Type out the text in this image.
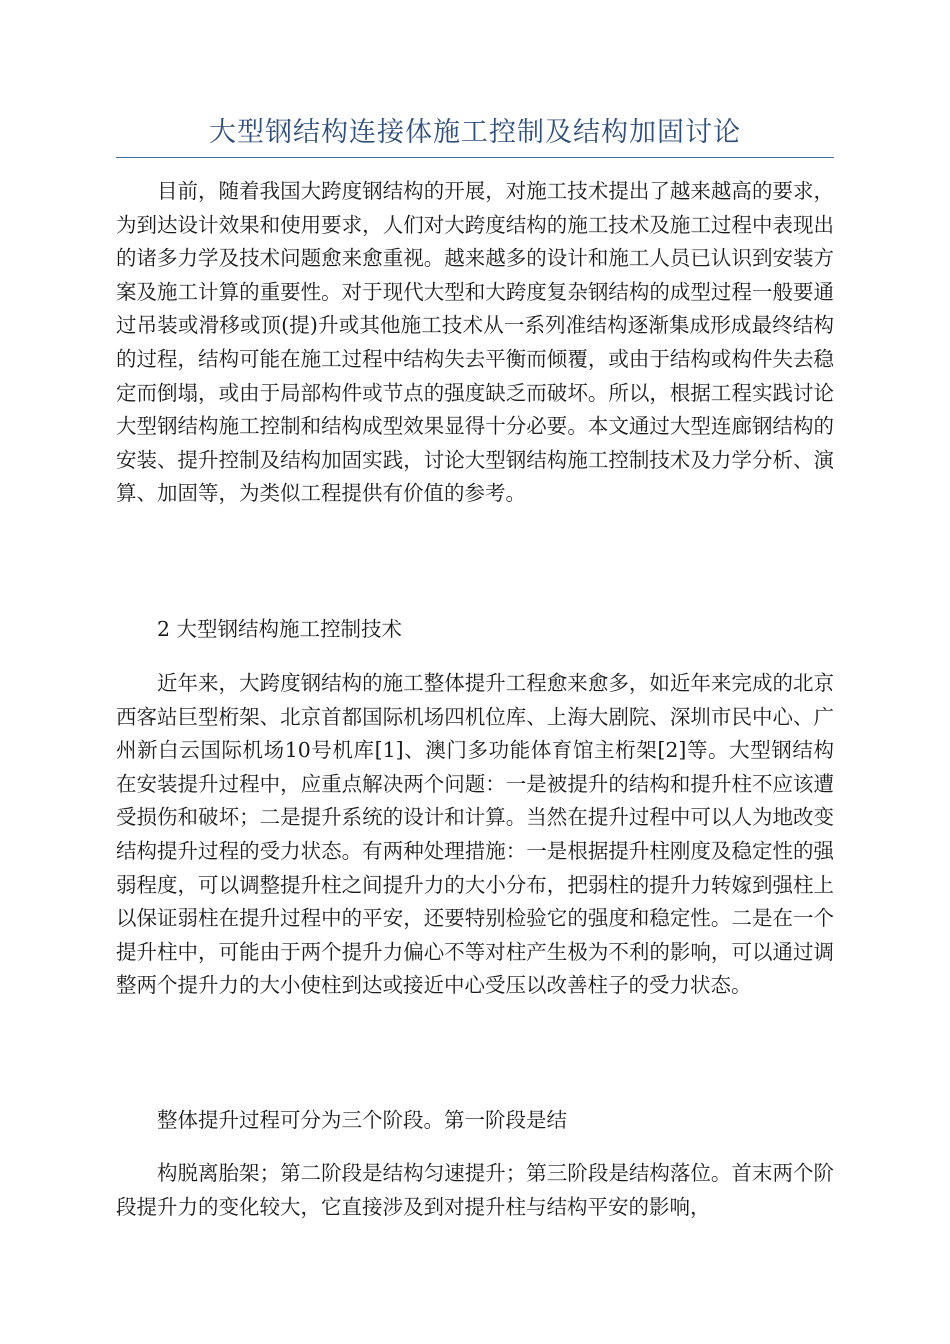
大型钢结构连接体施工控制及结构加固讨论

目前，随着我国大跨度钢结构的开展，对施工技术提出了越来越高的要求，为到达设计效果和使用要求，人们对大跨度结构的施工技术及施工过程中表现出的诸多力学及技术问题愈来愈重视。越来越多的设计和施工人员已认识到安装方案及施工计算的重要性。对于现代大型和大跨度复杂钢结构的成型过程一般要通过吊装或滑移或顶(提)升或其他施工技术从一系列准结构逐渐集成形成最终结构的过程，结构可能在施工过程中结构失去平衡而倾覆，或由于结构或构件失去稳定而倒塌，或由于局部构件或节点的强度缺乏而破坏。所以，根据工程实践讨论大型钢结构施工控制和结构成型效果显得十分必要。本文通过大型连廊钢结构的安装、提升控制及结构加固实践，讨论大型钢结构施工控制技术及力学分析、演算、加固等，为类似工程提供有价值的参考。

2 大型钢结构施工控制技术

近年来，大跨度钢结构的施工整体提升工程愈来愈多，如近年来完成的北京西客站巨型桁架、北京首都国际机场四机位库、上海大剧院、深圳市民中心、广州新白云国际机场10号机库[1]、澳门多功能体育馆主桁架[2]等。大型钢结构在安装提升过程中，应重点解决两个问题：一是被提升的结构和提升柱不应该遭受损伤和破坏；二是提升系统的设计和计算。当然在提升过程中可以人为地改变结构提升过程的受力状态。有两种处理措施：一是根据提升柱刚度及稳定性的强弱程度，可以调整提升柱之间提升力的大小分布，把弱柱的提升力转嫁到强柱上以保证弱柱在提升过程中的平安，还要特别检验它的强度和稳定性。二是在一个提升柱中，可能由于两个提升力偏心不等对柱产生极为不利的影响，可以通过调整两个提升力的大小使柱到达或接近中心受压以改善柱子的受力状态。

整体提升过程可分为三个阶段。第一阶段是结

构脱离胎架；第二阶段是结构匀速提升；第三阶段是结构落位。首末两个阶段提升力的变化较大，它直接涉及到对提升柱与结构平安的影响，
